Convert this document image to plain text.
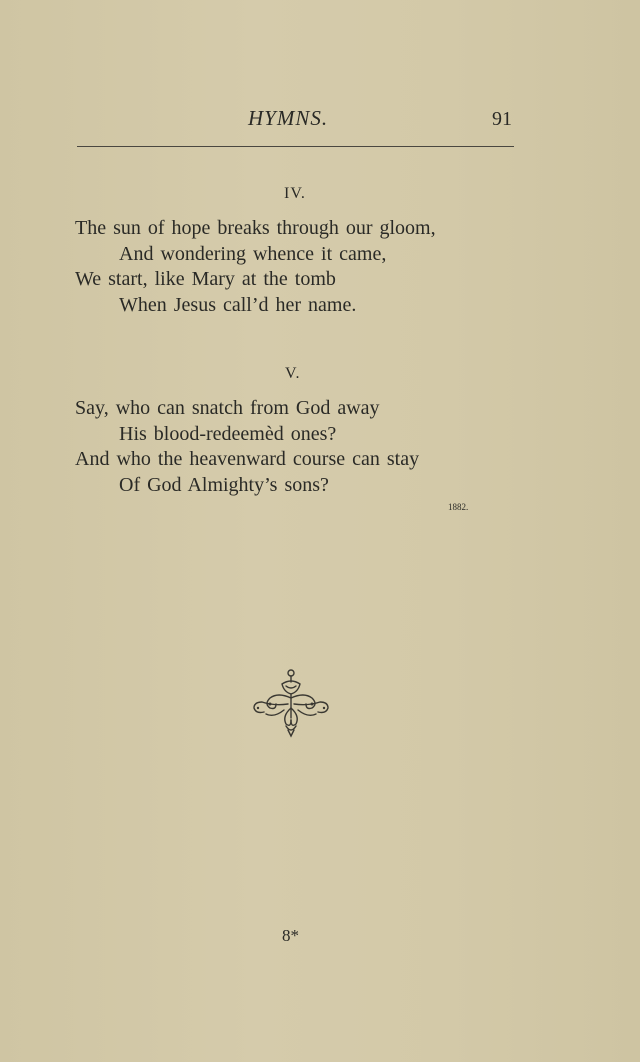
HYMNS.	91
IV.
The sun of hope breaks through our gloom,
And wondering whence it came,
We start, like Mary at the tomb
When Jesus call’d her name.
V.
Say, who can snatch from God away
His blood-redeemèd ones?
And who the heavenward course can stay
Of God Almighty’s sons?
1882.
8*
